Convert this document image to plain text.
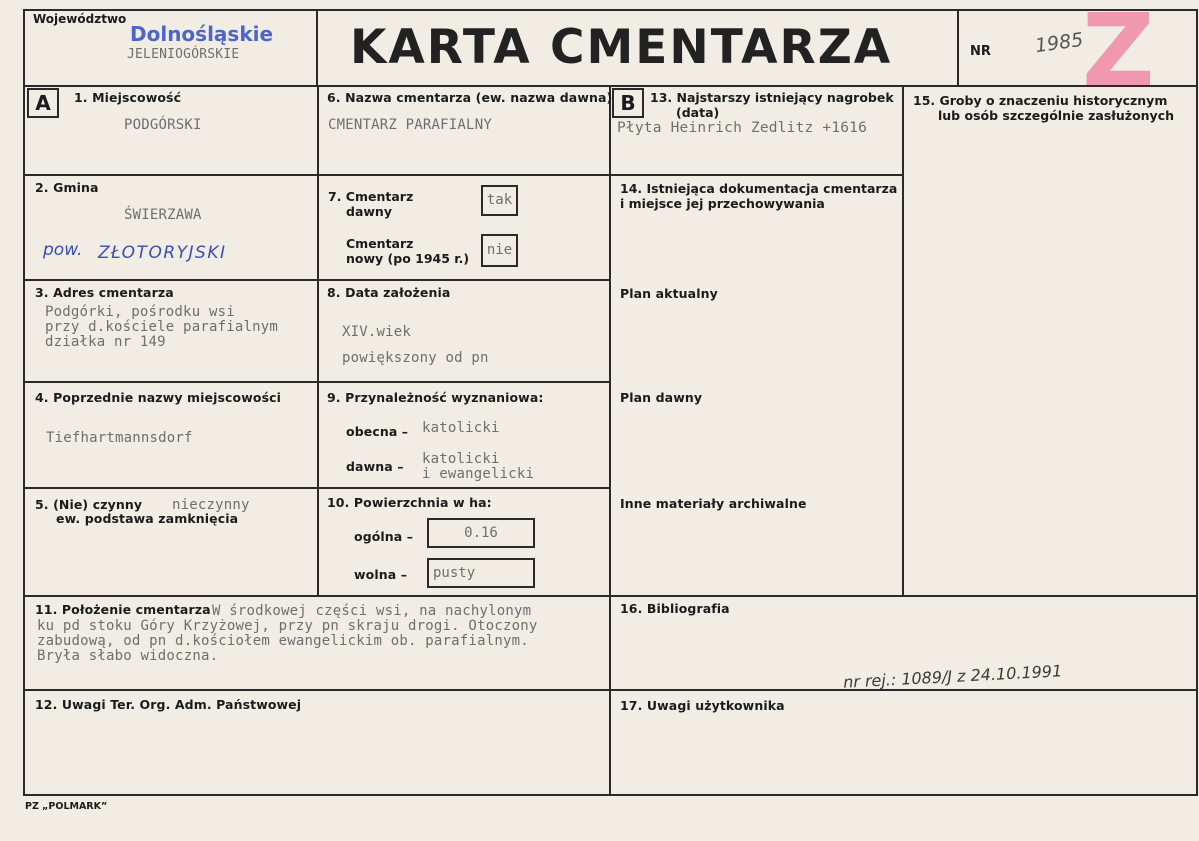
Województwo
Dolnośląskie
JELENIOGÓRSKIE KARTA CMENTARZA	NR 1985
Z
A	B
1. Miejscowość
PODGÓRSKI
2. Gmina
ŚWIERZAWA
pow. ZŁOTORYJSKI
3. Adres cmentarza
Podgórki, pośrodku wsi
przy d.kościele parafialnym
działka nr 149
4. Poprzednie nazwy miejscowości
Tiefhartmannsdorf
5. (Nie) czynny
ew. podstawa zamknięcia
nieczynny
6. Nazwa cmentarza (ew. nazwa dawna)
CMENTARZ PARAFIALNY
7. Cmentarz
dawny
tak
Cmentarz
nowy (po 1945 r.)
nie
8. Data założenia
XIV.wiek
powiększony od pn
9. Przynależność wyznaniowa:
obecna – katolicki
dawna – katolicki
i ewangelicki
10. Powierzchnia w ha:
ogólna –	0.16
wolna –	pusty
13. Najstarszy istniejący nagrobek
(data)
Płyta Heinrich Zedlitz +1616
14. Istniejąca dokumentacja cmentarza
i miejsce jej przechowywania
Plan aktualny
Plan dawny
Inne materiały archiwalne
15. Groby o znaczeniu historycznym
lub osób szczególnie zasłużonych
11. Położenie cmentarza W środkowej części wsi, na nachylonym
ku pd stoku Góry Krzyżowej, przy pn skraju drogi. Otoczony
zabudową, od pn d.kościołem ewangelickim ob. parafialnym.
Bryła słabo widoczna.
16. Bibliografia
nr rej.: 1089/J z 24.10.1991
12. Uwagi Ter. Org. Adm. Państwowej	17. Uwagi użytkownika
PZ „POLMARK”
